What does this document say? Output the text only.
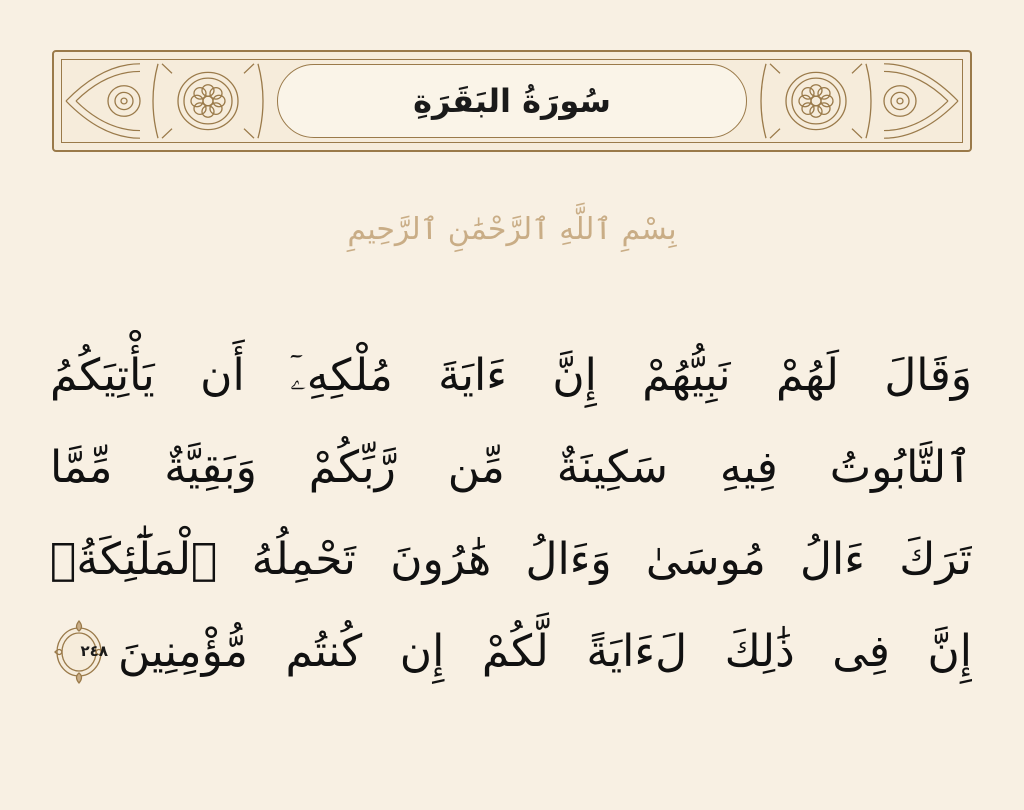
سُورَةُ البَقَرَةِ
بِسْمِ ٱللَّهِ ٱلرَّحْمَٰنِ ٱلرَّحِيمِ
وَقَالَ لَهُمْ نَبِيُّهُمْ إِنَّ ءَايَةَ مُلْكِهِۦٓ أَن يَأْتِيَكُمُ
ٱلتَّابُوتُ فِيهِ سَكِينَةٌ مِّن رَّبِّكُمْ وَبَقِيَّةٌ مِّمَّا
تَرَكَ ءَالُ مُوسَىٰ وَءَالُ هَٰرُونَ تَحْمِلُهُ ٱلْمَلَٰٓئِكَةُۚ
إِنَّ فِى ذَٰلِكَ لَءَايَةً لَّكُمْ إِن كُنتُم مُّؤْمِنِينَ
٢٤٨
